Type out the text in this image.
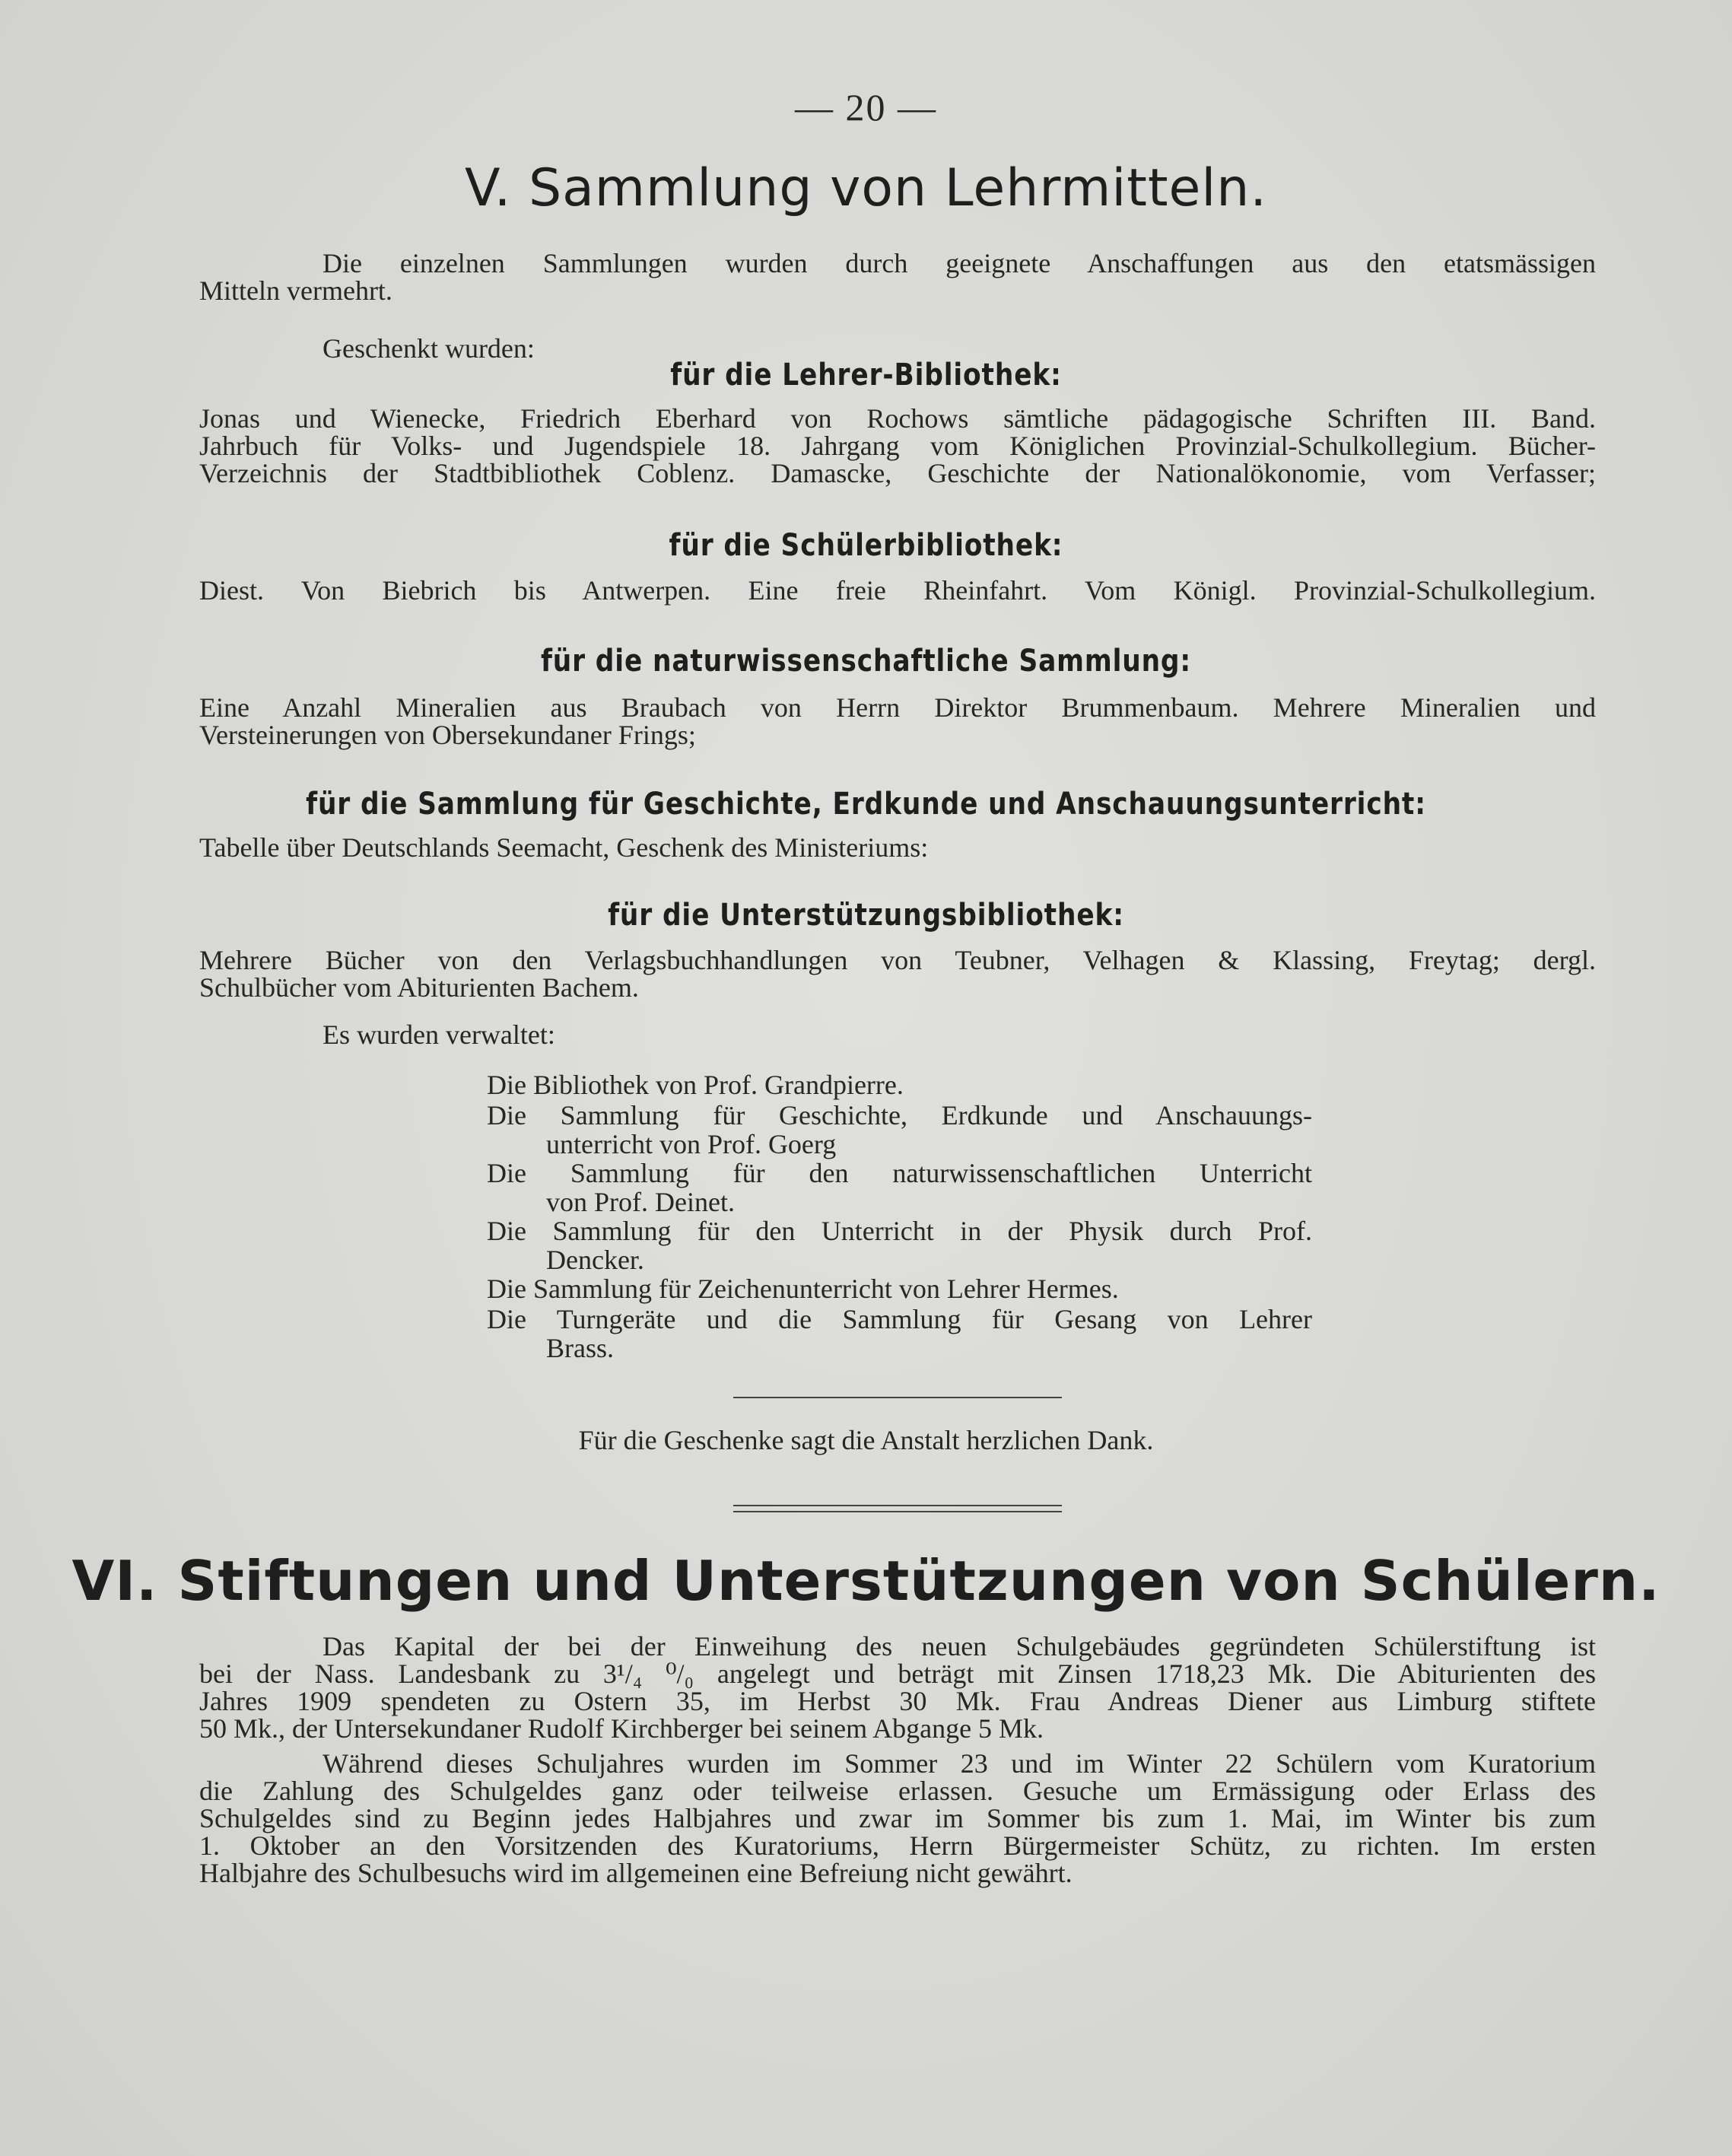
— 20 —
V. Sammlung von Lehrmitteln.
Die einzelnen Sammlungen wurden durch geeignete Anschaffungen aus den etatsmässigen
Mitteln vermehrt.
Geschenkt wurden:
für die Lehrer-Bibliothek:
Jonas und Wienecke, Friedrich Eberhard von Rochows sämtliche pädagogische Schriften III. Band.
Jahrbuch für Volks- und Jugendspiele 18. Jahrgang vom Königlichen Provinzial-Schulkollegium. Bücher-
Verzeichnis der Stadtbibliothek Coblenz. Damascke, Geschichte der Nationalökonomie, vom Verfasser;
für die Schülerbibliothek:
Diest. Von Biebrich bis Antwerpen. Eine freie Rheinfahrt. Vom Königl. Provinzial-Schulkollegium.
für die naturwissenschaftliche Sammlung:
Eine Anzahl Mineralien aus Braubach von Herrn Direktor Brummenbaum. Mehrere Mineralien und
Versteinerungen von Obersekundaner Frings;
für die Sammlung für Geschichte, Erdkunde und Anschauungsunterricht:
Tabelle über Deutschlands Seemacht, Geschenk des Ministeriums:
für die Unterstützungsbibliothek:
Mehrere Bücher von den Verlagsbuchhandlungen von Teubner, Velhagen & Klassing, Freytag; dergl.
Schulbücher vom Abiturienten Bachem.
Es wurden verwaltet:
Die Bibliothek von Prof. Grandpierre.
Die Sammlung für Geschichte, Erdkunde und Anschauungs-
unterricht von Prof. Goerg
Die Sammlung für den naturwissenschaftlichen Unterricht
von Prof. Deinet.
Die Sammlung für den Unterricht in der Physik durch Prof.
Dencker.
Die Sammlung für Zeichenunterricht von Lehrer Hermes.
Die Turngeräte und die Sammlung für Gesang von Lehrer
Brass.
Für die Geschenke sagt die Anstalt herzlichen Dank.
VI. Stiftungen und Unterstützungen von Schülern.
Das Kapital der bei der Einweihung des neuen Schulgebäudes gegründeten Schülerstiftung ist
bei der Nass. Landesbank zu 3¹/₄ ⁰/₀ angelegt und beträgt mit Zinsen 1718,23 Mk. Die Abiturienten des
Jahres 1909 spendeten zu Ostern 35, im Herbst 30 Mk. Frau Andreas Diener aus Limburg stiftete
50 Mk., der Untersekundaner Rudolf Kirchberger bei seinem Abgange 5 Mk.
Während dieses Schuljahres wurden im Sommer 23 und im Winter 22 Schülern vom Kuratorium
die Zahlung des Schulgeldes ganz oder teilweise erlassen. Gesuche um Ermässigung oder Erlass des
Schulgeldes sind zu Beginn jedes Halbjahres und zwar im Sommer bis zum 1. Mai, im Winter bis zum
1. Oktober an den Vorsitzenden des Kuratoriums, Herrn Bürgermeister Schütz, zu richten. Im ersten
Halbjahre des Schulbesuchs wird im allgemeinen eine Befreiung nicht gewährt.
